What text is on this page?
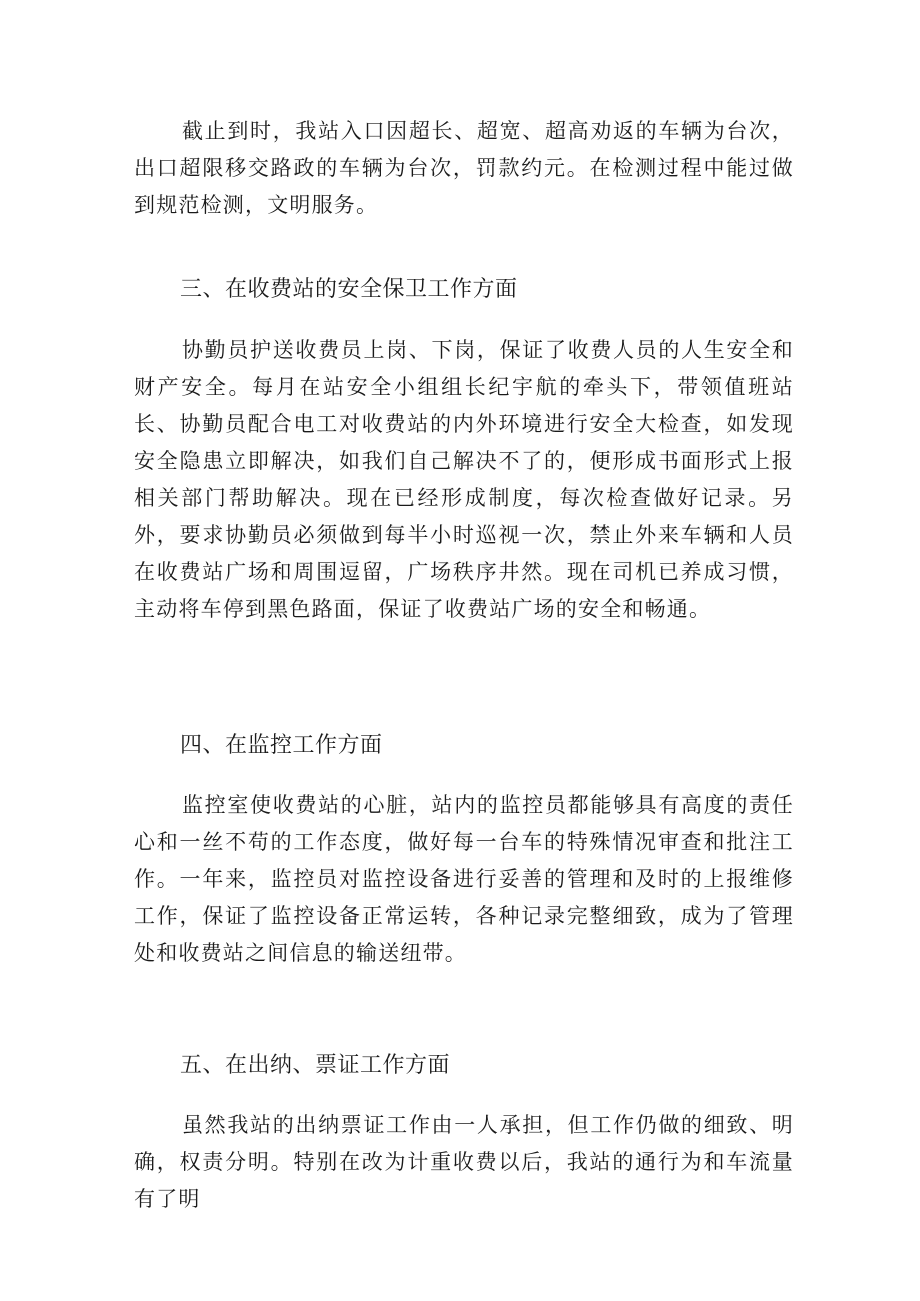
截止到时，我站入口因超长、超宽、超高劝返的车辆为台次，出口超限移交路政的车辆为台次，罚款约元。在检测过程中能过做到规范检测，文明服务。

三、在收费站的安全保卫工作方面

协勤员护送收费员上岗、下岗，保证了收费人员的人生安全和财产安全。每月在站安全小组组长纪宇航的牵头下，带领值班站长、协勤员配合电工对收费站的内外环境进行安全大检查，如发现安全隐患立即解决，如我们自己解决不了的，便形成书面形式上报相关部门帮助解决。现在已经形成制度，每次检查做好记录。另外，要求协勤员必须做到每半小时巡视一次，禁止外来车辆和人员在收费站广场和周围逗留，广场秩序井然。现在司机已养成习惯，主动将车停到黑色路面，保证了收费站广场的安全和畅通。

四、在监控工作方面

监控室使收费站的心脏，站内的监控员都能够具有高度的责任心和一丝不苟的工作态度，做好每一台车的特殊情况审查和批注工作。一年来，监控员对监控设备进行妥善的管理和及时的上报维修工作，保证了监控设备正常运转，各种记录完整细致，成为了管理处和收费站之间信息的输送纽带。

五、在出纳、票证工作方面

虽然我站的出纳票证工作由一人承担，但工作仍做的细致、明确，权责分明。特别在改为计重收费以后，我站的通行为和车流量有了明
